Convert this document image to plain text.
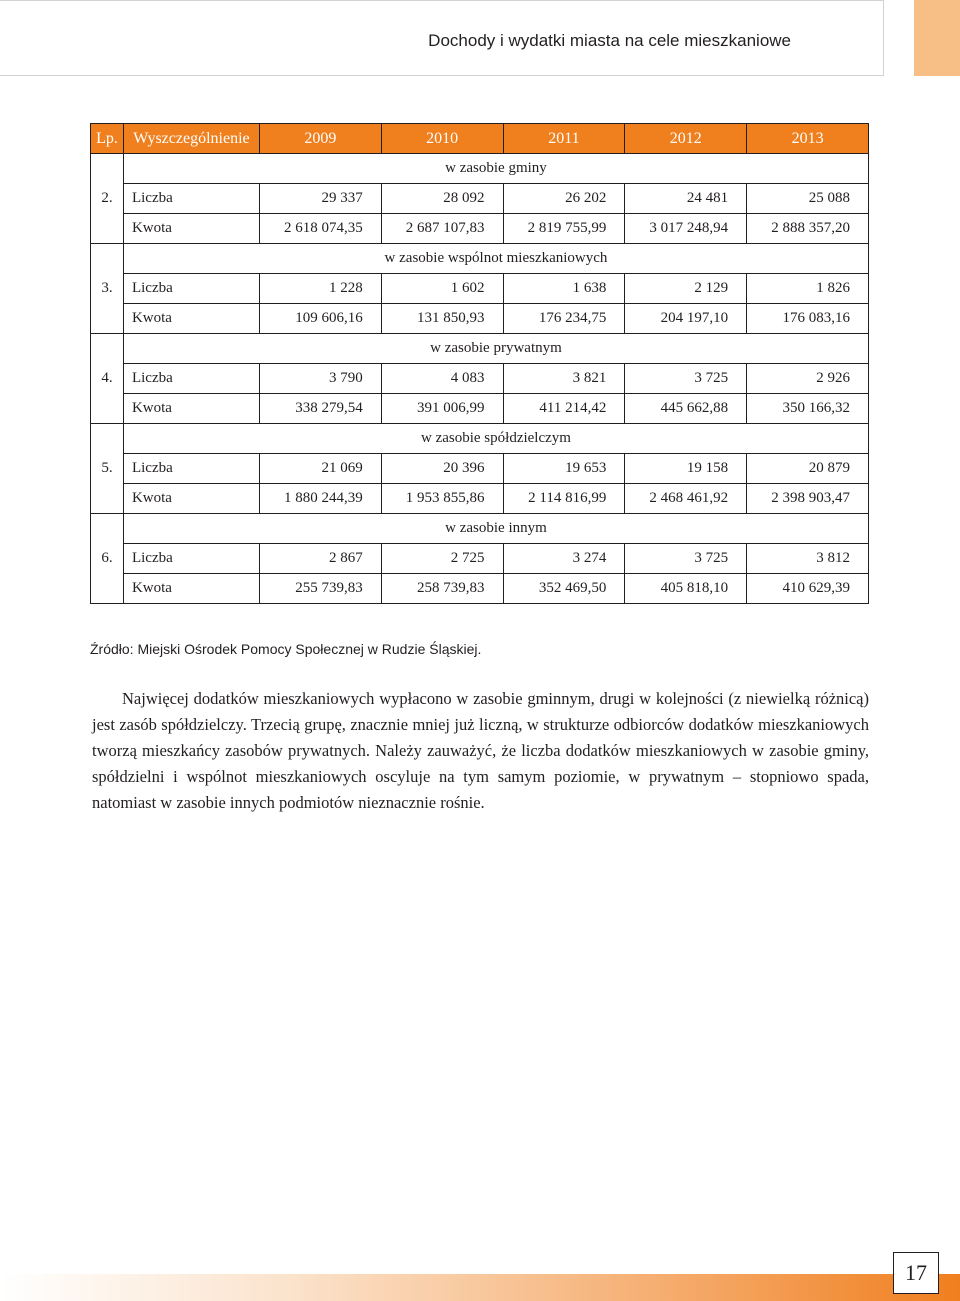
Dochody i wydatki miasta na cele mieszkaniowe
Lp.	Wyszczególnienie	2009	2010	2011	2012	2013
2.	w zasobie gminy					
	Liczba	29 337	28 092	26 202	24 481	25 088
	Kwota	2 618 074,35	2 687 107,83	2 819 755,99	3 017 248,94	2 888 357,20
3.	w zasobie wspólnot mieszkaniowych					
	Liczba	1 228	1 602	1 638	2 129	1 826
	Kwota	109 606,16	131 850,93	176 234,75	204 197,10	176 083,16
4.	w zasobie prywatnym					
	Liczba	3 790	4 083	3 821	3 725	2 926
	Kwota	338 279,54	391 006,99	411 214,42	445 662,88	350 166,32
5.	w zasobie spółdzielczym					
	Liczba	21 069	20 396	19 653	19 158	20 879
	Kwota	1 880 244,39	1 953 855,86	2 114 816,99	2 468 461,92	2 398 903,47
6.	w zasobie innym					
	Liczba	2 867	2 725	3 274	3 725	3 812
	Kwota	255 739,83	258 739,83	352 469,50	405 818,10	410 629,39
Źródło: Miejski Ośrodek Pomocy Społecznej w Rudzie Śląskiej.

Najwięcej dodatków mieszkaniowych wypłacono w zasobie gminnym, drugi w kolejności (z niewielką różnicą) jest zasób spółdzielczy. Trzecią grupę, znacznie mniej już liczną, w strukturze odbiorców dodatków mieszkaniowych tworzą mieszkańcy zasobów prywatnych. Należy zauważyć, że liczba dodatków mieszkaniowych w zasobie gminy, spółdzielni i wspólnot mieszkaniowych oscyluje na tym samym poziomie, w prywatnym – stopniowo spada, natomiast w zasobie innych podmiotów nieznacznie rośnie.

17
